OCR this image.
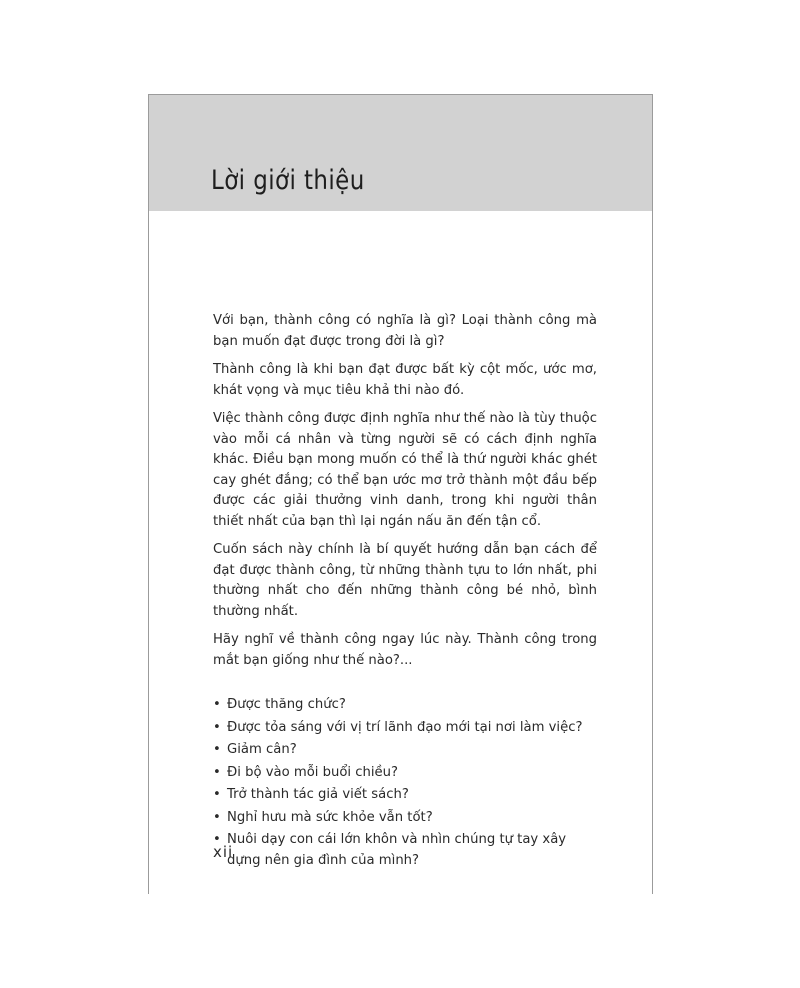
Lời giới thiệu

Với bạn, thành công có nghĩa là gì? Loại thành công mà bạn muốn đạt được trong đời là gì?

Thành công là khi bạn đạt được bất kỳ cột mốc, ước mơ, khát vọng và mục tiêu khả thi nào đó.

Việc thành công được định nghĩa như thế nào là tùy thuộc vào mỗi cá nhân và từng người sẽ có cách định nghĩa khác. Điều bạn mong muốn có thể là thứ người khác ghét cay ghét đắng; có thể bạn ước mơ trở thành một đầu bếp được các giải thưởng vinh danh, trong khi người thân thiết nhất của bạn thì lại ngán nấu ăn đến tận cổ.

Cuốn sách này chính là bí quyết hướng dẫn bạn cách để đạt được thành công, từ những thành tựu to lớn nhất, phi thường nhất cho đến những thành công bé nhỏ, bình thường nhất.

Hãy nghĩ về thành công ngay lúc này. Thành công trong mắt bạn giống như thế nào?...

• Được thăng chức?
• Được tỏa sáng với vị trí lãnh đạo mới tại nơi làm việc?
• Giảm cân?
• Đi bộ vào mỗi buổi chiều?
• Trở thành tác giả viết sách?
• Nghỉ hưu mà sức khỏe vẫn tốt?
• Nuôi dạy con cái lớn khôn và nhìn chúng tự tay xây dựng nên gia đình của mình?
xii
